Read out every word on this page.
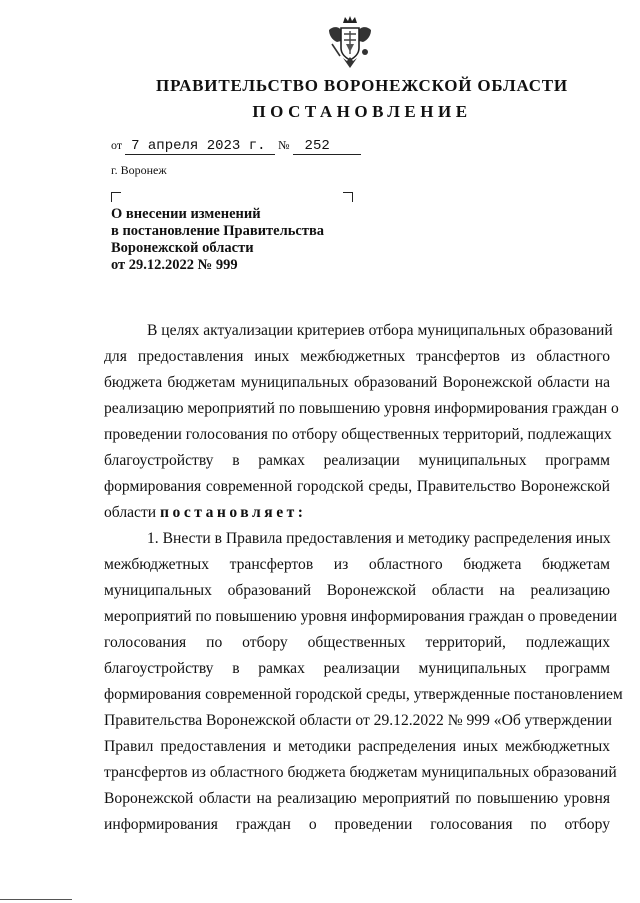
ПРАВИТЕЛЬСТВО ВОРОНЕЖСКОЙ ОБЛАСТИ
ПОСТАНОВЛЕНИЕ
от 7 апреля 2023 г. № 252
г. Воронеж
О внесении изменений
в постановление Правительства
Воронежской области
от 29.12.2022 № 999
В целях актуализации критериев отбора муниципальных образований
для предоставления иных межбюджетных трансфертов из областного
бюджета бюджетам муниципальных образований Воронежской области на
реализацию мероприятий по повышению уровня информирования граждан о
проведении голосования по отбору общественных территорий, подлежащих
благоустройству в рамках реализации муниципальных программ
формирования современной городской среды, Правительство Воронежской
области постановляет:
1. Внести в Правила предоставления и методику распределения иных
межбюджетных трансфертов из областного бюджета бюджетам
муниципальных образований Воронежской области на реализацию
мероприятий по повышению уровня информирования граждан о проведении
голосования по отбору общественных территорий, подлежащих
благоустройству в рамках реализации муниципальных программ
формирования современной городской среды, утвержденные постановлением
Правительства Воронежской области от 29.12.2022 № 999 «Об утверждении
Правил предоставления и методики распределения иных межбюджетных
трансфертов из областного бюджета бюджетам муниципальных образований
Воронежской области на реализацию мероприятий по повышению уровня
информирования граждан о проведении голосования по отбору
